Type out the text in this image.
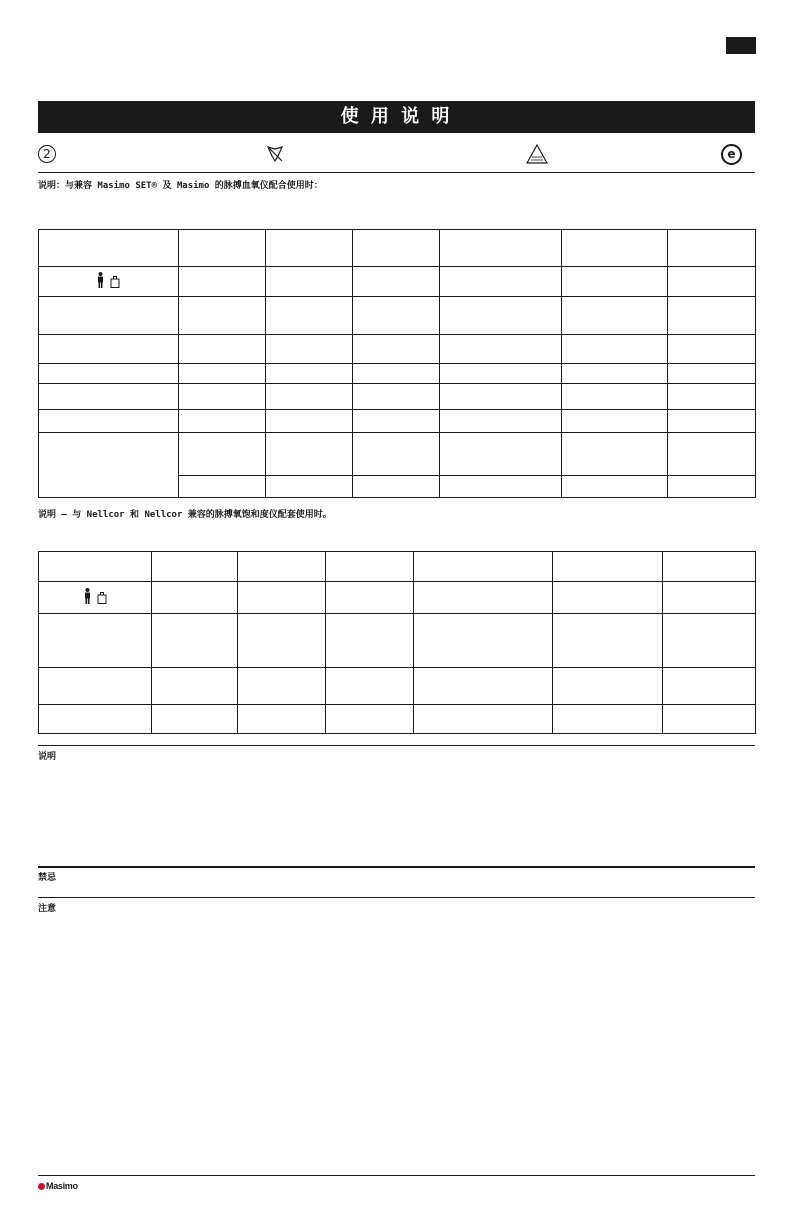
使 用 说 明
2	e
说明：与兼容 Masimo SET® 及 Masimo 的脉搏血氧仪配合使用时：

说明 – 与 Nellcor 和 Nellcor 兼容的脉搏氧饱和度仪配套使用时。

说明
禁忌
注意
Masimo
